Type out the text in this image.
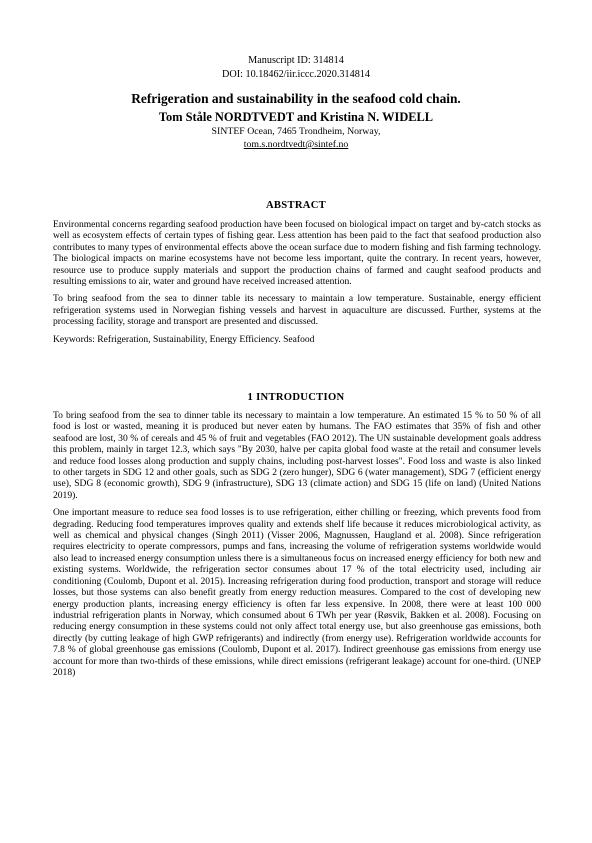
Manuscript ID: 314814
DOI: 10.18462/iir.iccc.2020.314814
Refrigeration and sustainability in the seafood cold chain.
Tom Ståle NORDTVEDT and Kristina N. WIDELL
SINTEF Ocean, 7465 Trondheim, Norway,
tom.s.nordtvedt@sintef.no
ABSTRACT

Environmental concerns regarding seafood production have been focused on biological impact on target and by-catch stocks as well as ecosystem effects of certain types of fishing gear. Less attention has been paid to the fact that seafood production also contributes to many types of environmental effects above the ocean surface due to modern fishing and fish farming technology. The biological impacts on marine ecosystems have not become less important, quite the contrary. In recent years, however, resource use to produce supply materials and support the production chains of farmed and caught seafood products and resulting emissions to air, water and ground have received increased attention.

To bring seafood from the sea to dinner table its necessary to maintain a low temperature. Sustainable, energy efficient refrigeration systems used in Norwegian fishing vessels and harvest in aquaculture are discussed. Further, systems at the processing facility, storage and transport are presented and discussed.

Keywords: Refrigeration, Sustainability, Energy Efficiency. Seafood

1 INTRODUCTION

To bring seafood from the sea to dinner table its necessary to maintain a low temperature. An estimated 15 % to 50 % of all food is lost or wasted, meaning it is produced but never eaten by humans. The FAO estimates that 35% of fish and other seafood are lost, 30 % of cereals and 45 % of fruit and vegetables (FAO 2012). The UN sustainable development goals address this problem, mainly in target 12.3, which says "By 2030, halve per capita global food waste at the retail and consumer levels and reduce food losses along production and supply chains, including post-harvest losses". Food loss and waste is also linked to other targets in SDG 12 and other goals, such as SDG 2 (zero hunger), SDG 6 (water management), SDG 7 (efficient energy use), SDG 8 (economic growth), SDG 9 (infrastructure), SDG 13 (climate action) and SDG 15 (life on land) (United Nations 2019).

One important measure to reduce sea food losses is to use refrigeration, either chilling or freezing, which prevents food from degrading. Reducing food temperatures improves quality and extends shelf life because it reduces microbiological activity, as well as chemical and physical changes (Singh 2011) (Visser 2006, Magnussen, Haugland et al. 2008). Since refrigeration requires electricity to operate compressors, pumps and fans, increasing the volume of refrigeration systems worldwide would also lead to increased energy consumption unless there is a simultaneous focus on increased energy efficiency for both new and existing systems. Worldwide, the refrigeration sector consumes about 17 % of the total electricity used, including air conditioning (Coulomb, Dupont et al. 2015). Increasing refrigeration during food production, transport and storage will reduce losses, but those systems can also benefit greatly from energy reduction measures. Compared to the cost of developing new energy production plants, increasing energy efficiency is often far less expensive. In 2008, there were at least 100 000 industrial refrigeration plants in Norway, which consumed about 6 TWh per year (Røsvik, Bakken et al. 2008). Focusing on reducing energy consumption in these systems could not only affect total energy use, but also greenhouse gas emissions, both directly (by cutting leakage of high GWP refrigerants) and indirectly (from energy use). Refrigeration worldwide accounts for 7.8 % of global greenhouse gas emissions (Coulomb, Dupont et al. 2017). Indirect greenhouse gas emissions from energy use account for more than two-thirds of these emissions, while direct emissions (refrigerant leakage) account for one-third. (UNEP 2018)
